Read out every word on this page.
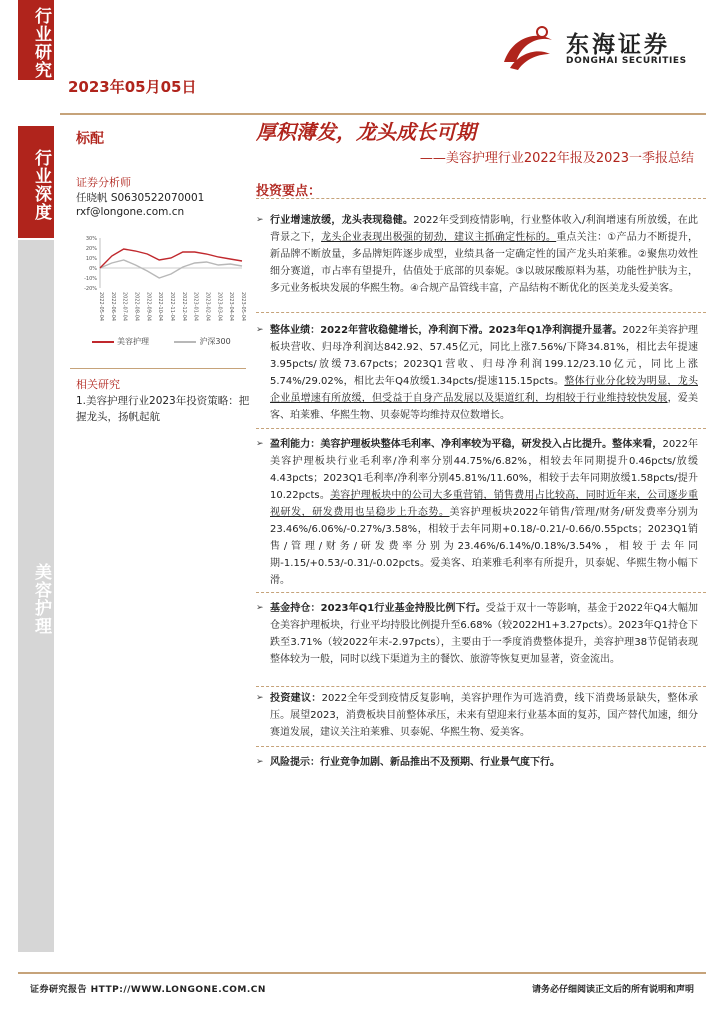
行业研究
行业深度
美容护理
2023年05月05日
东海证券
DONGHAI SECURITIES
标配	厚积薄发，龙头成长可期
——美容护理行业2022年报及2023一季报总结
证券分析师
任晓帆 S0630522070001
rxf@longone.com.cn
30%
20%
10%
0%
-10%
-20%
2022-05-04 2022-06-04 2022-07-04 2022-08-04 2022-09-04 2022-10-04 2022-11-04 2022-12-04 2023-01-04 2023-02-04 2023-03-04 2023-04-04 2023-05-04
美容护理	沪深300
相关研究
1.美容护理行业2023年投资策略：把握龙头，扬帆起航
投资要点：
➢ 行业增速放缓，龙头表现稳健。2022年受到疫情影响，行业整体收入/利润增速有所放缓，在此背景之下，龙头企业表现出极强的韧劲，建议主抓确定性标的。重点关注：①产品力不断提升，新品牌不断放量，多品牌矩阵逐步成型，业绩具备一定确定性的国产龙头珀莱雅。②聚焦功效性细分赛道，市占率有望提升，估值处于底部的贝泰妮。③以玻尿酸原料为基，功能性护肤为主，多元业务板块发展的华熙生物。④合规产品管线丰富，产品结构不断优化的医美龙头爱美客。
➢ 整体业绩：2022年营收稳健增长，净利润下滑。2023年Q1净利润提升显著。2022年美容护理板块营收、归母净利润达842.92、57.45亿元，同比上涨7.56%/下降34.81%，相比去年提速3.95pcts/放缓73.67pcts；2023Q1营收、归母净利润199.12/23.10亿元，同比上涨5.74%/29.02%，相比去年Q4放缓1.34pcts/提速115.15pcts。整体行业分化较为明显，龙头企业虽增速有所放缓，但受益于自身产品发展以及渠道红利，均相较于行业维持较快发展，爱美客、珀莱雅、华熙生物、贝泰妮等均维持双位数增长。
➢ 盈利能力：美容护理板块整体毛利率、净利率较为平稳，研发投入占比提升。整体来看，2022年美容护理板块行业毛利率/净利率分别44.75%/6.82%，相较去年同期提升0.46pcts/放缓4.43pcts；2023Q1毛利率/净利率分别45.81%/11.60%，相较于去年同期放缓1.58pcts/提升10.22pcts。美容护理板块中的公司大多重营销，销售费用占比较高，同时近年来，公司逐步重视研发，研发费用也呈稳步上升态势。美容护理板块2022年销售/管理/财务/研发费率分别为23.46%/6.06%/-0.27%/3.58%，相较于去年同期+0.18/-0.21/-0.66/0.55pcts；2023Q1销售/管理/财务/研发费率分别为23.46%/6.14%/0.18%/3.54%，相较于去年同期-1.15/+0.53/-0.31/-0.02pcts。爱美客、珀莱雅毛利率有所提升，贝泰妮、华熙生物小幅下滑。
➢ 基金持仓：2023年Q1行业基金持股比例下行。受益于双十一等影响，基金于2022年Q4大幅加仓美容护理板块，行业平均持股比例提升至6.68%（较2022H1+3.27pcts）。2023年Q1持仓下跌至3.71%（较2022年末-2.97pcts），主要由于一季度消费整体提升，美容护理38节促销表现整体较为一般，同时以线下渠道为主的餐饮、旅游等恢复更加显著，资金流出。
➢ 投资建议：2022全年受到疫情反复影响，美容护理作为可选消费，线下消费场景缺失，整体承压。展望2023，消费板块目前整体承压，未来有望迎来行业基本面的复苏，国产替代加速，细分赛道发展，建议关注珀莱雅、贝泰妮、华熙生物、爱美客。
➢ 风险提示：行业竞争加剧、新品推出不及预期、行业景气度下行。
证券研究报告 HTTP://WWW.LONGONE.COM.CN	请务必仔细阅读正文后的所有说明和声明
